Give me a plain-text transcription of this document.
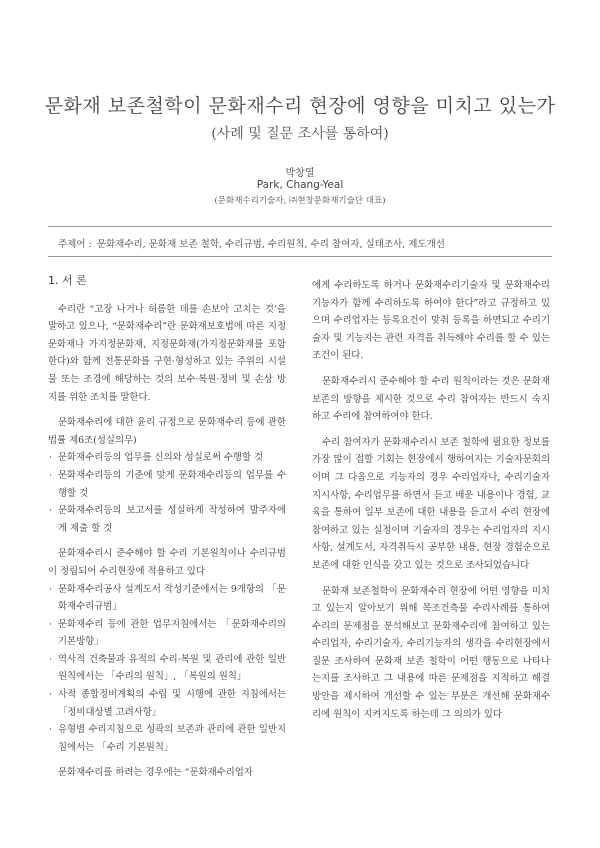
문화재 보존철학이 문화재수리 현장에 영향을 미치고 있는가
(사례 및 질문 조사를 통하여)
박창열
Park, Chang-Yeal
(문화재수리기술자, ㈜현창문화재기술단 대표)
주제어 : 문화재수리, 문화재 보존 철학, 수리규범, 수리원칙, 수리 참여자, 실태조사, 제도개선
1. 서 론

수리란 “고장 나거나 허름한 데를 손보아 고치는 것’을 말하고 있으나, “문화재수리”란 문화재보호법에 따른 지정문화재나 가지정문화재, 지정문화재(가지정문화재를 포함한다)와 함께 전통문화를 구현·형성하고 있는 주위의 시설물 또는 조경에 해당하는 것의 보수·복원·정비 및 손상 방지를 위한 조치를 말한다.

문화재수리에 대한 윤리 규정으로 문화재수리 등에 관한 법률 제6조(성실의무)

· 문화재수리등의 업무를 신의와 성실로써 수행할 것
· 문화재수리등의 기준에 맞게 문화재수리등의 업무를 수행할 것
· 문화재수리등의 보고서를 성실하게 작성하여 발주자에게 제출 할 것

문화재수리시 준수해야 할 수리 기본원칙이나 수리규범이 정립되어 수리현장에 적용하고 있다

· 문화재수리공사 설계도서 작성기준에서는 9개항의 「문화재수리규범」
· 문화재수리 등에 관한 업무지침에서는 「문화재수리의 기본방향」
· 역사적 건축물과 유적의 수리·복원 및 관리에 관한 일반원칙에서는 「수리의 원칙」, 「복원의 원칙」
· 사적 종합정비계획의 수립 및 시행에 관한 지침에서는 「정비대상별 고려사항」
· 유형별 수리지침으로 성곽의 보존과 관리에 관한 일반지침에서는 「수리 기본원칙」

문화재수리를 하려는 경우에는 “문화재수리업자

에게 수리하도록 하거나 문화재수리기술자 및 문화재수리기능자가 함께 수리하도록 하여야 한다”라고 규정하고 있으며 수리업자는 등록요건이 맞춰 등록을 하면되고 수리기술자 및 기능자는 관련 자격을 취득해야 수리를 할 수 있는 조건이 된다.

문화재수리시 준수해야 할 수리 원칙이라는 것은 문화재 보존의 방향을 제시한 것으로 수리 참여자는 반드시 숙지하고 수리에 참여하여야 한다.

수리 참여자가 문화재수리시 보존 철학에 필요한 정보를 가장 많이 접할 기회는 현장에서 행하여지는 기술자문회의이며 그 다음으로 기능자의 경우 수리업자나, 수리기술자 지시사항, 수리업무를 하면서 듣고 배운 내용이나 경험, 교육을 통하여 일부 보존에 대한 내용을 듣고서 수리 현장에 참여하고 있는 실정이며 기술자의 경우는 수리업자의 지시사항, 설계도서, 자격취득시 공부한 내용, 현장 경험순으로 보존에 대한 인식을 갖고 있는 것으로 조사되었습니다

문화재 보존철학이 문화재수리 현장에 어떤 영향을 미치고 있는지 알아보기 위해 목조건축물 수리사례를 통하여 수리의 문제점을 분석해보고 문화재수리에 참여하고 있는 수리업자, 수리기술자, 수리기능자의 생각을 수리현장에서 질문 조사하여 문화재 보존 철학이 어떤 행동으로 나타나는지를 조사하고 그 내용에 따른 문제점을 지적하고 해결방안을 제시하여 개선할 수 있는 부분은 개선해 문화재수리에 원칙이 지켜지도록 하는데 그 의의가 있다
